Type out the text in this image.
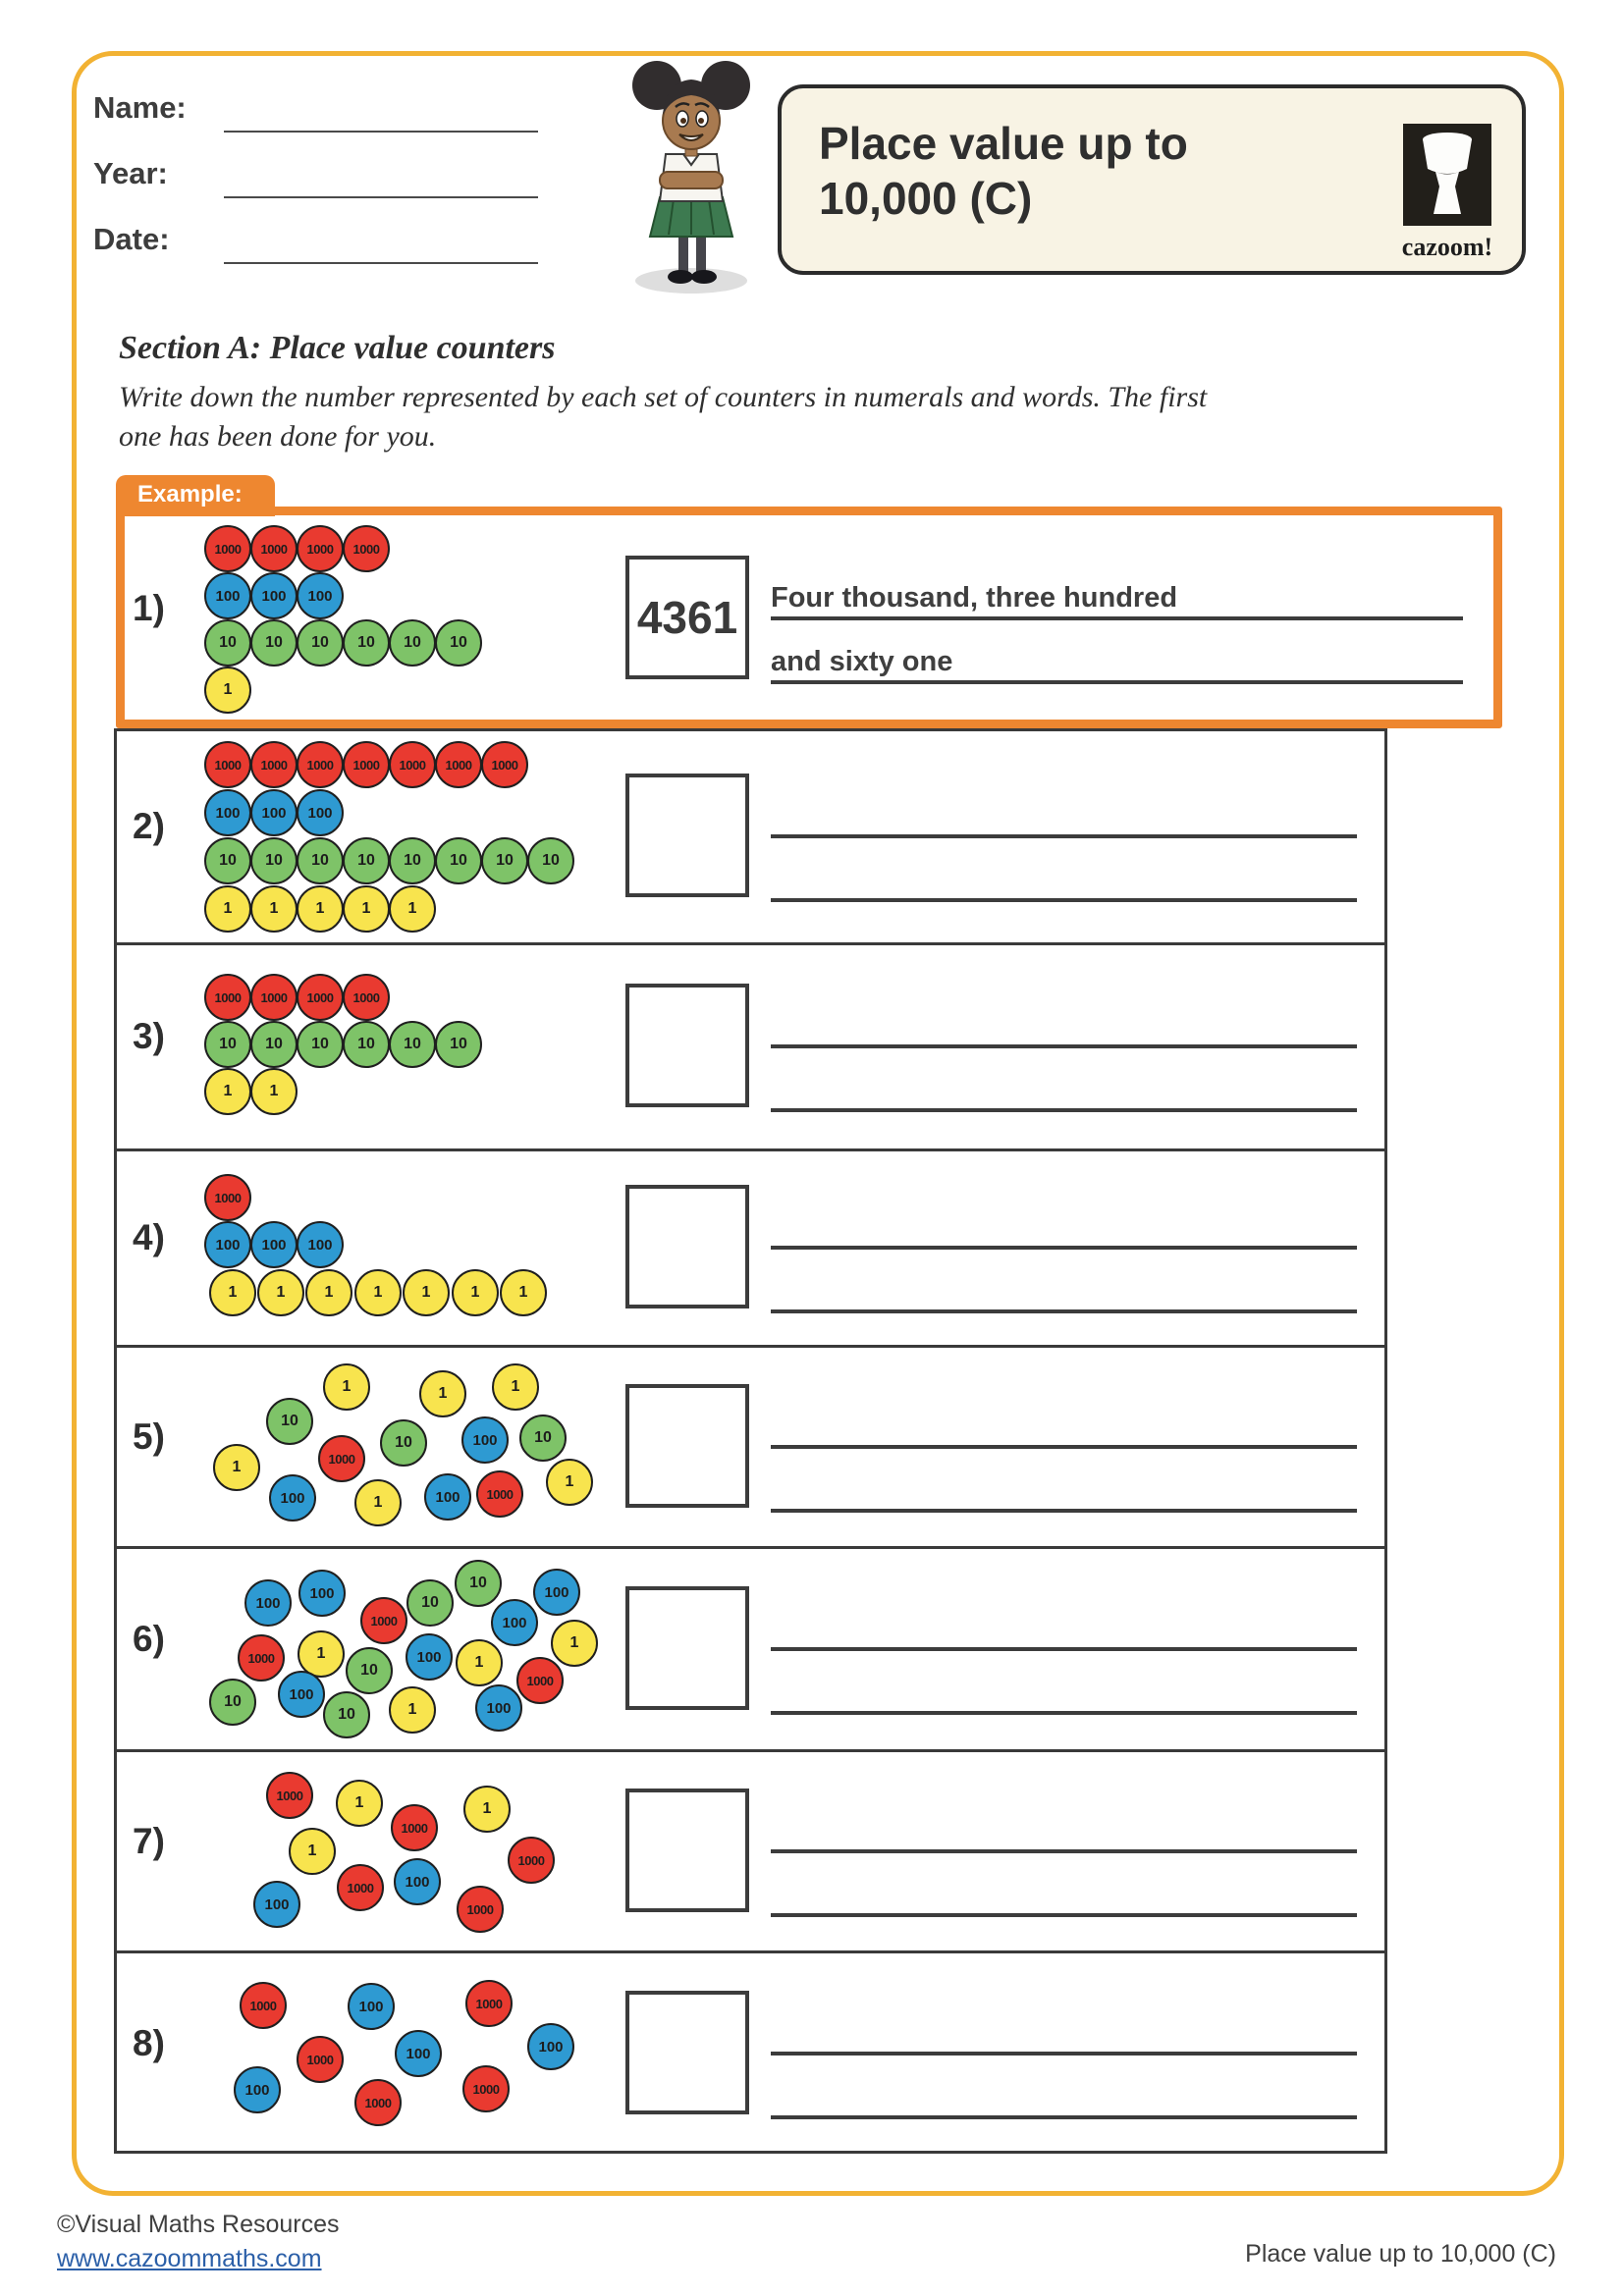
Name:
Year:
Date:
Place value up to 10,000 (C)
cazoom!
Section A: Place value counters
Write down the number represented by each set of counters in numerals and words. The first
one has been done for you.
Example:
1)
1000	1000	1000	1000
100	100	100
10	10	10	10	10	10
1
4361 Four thousand, three hundred
and sixty one
2)
1000	1000	1000	1000	1000	1000	1000
100	100	100
10	10	10	10	10	10	10	10
1	1	1	1	1
3)
1000	1000	1000	1000
10	10	10	10	10	10
1	1
4)
1000
100	100	100
1	1	1	1	1	1	1
5)
1	1	1
10
10	100	10
1	1000
100	1	100	1000
1
6)
100
100
1000
10
10
100
100
1000	1
10
100	1
1000
1
10	100
10	1	100
7)
1000	1
1000
1
1
1000
1000	100
100	1000
8)
1000	100	1000
1000	100	100
100
1000
1000
©Visual Maths Resources
www.cazoommaths.com	Place value up to 10,000 (C)
